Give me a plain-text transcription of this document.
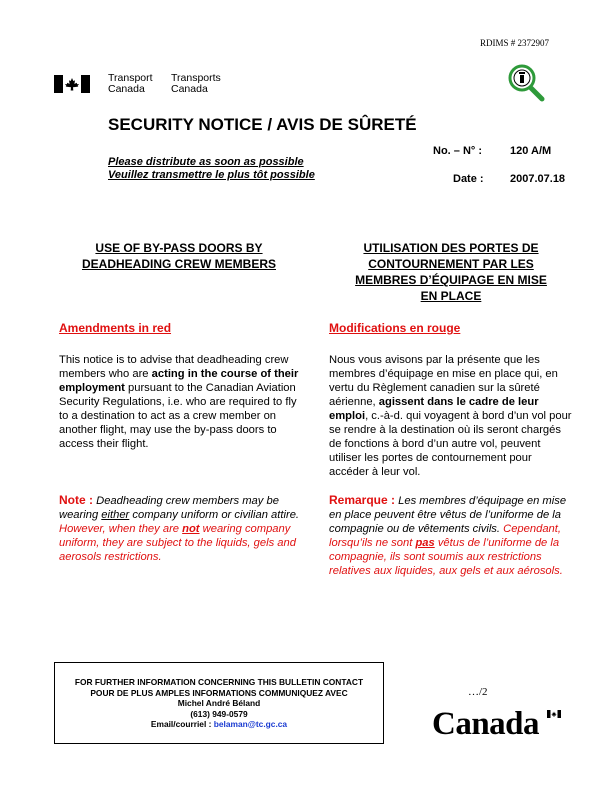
RDIMS # 2372907
Transport
Canada
Transports
Canada
SECURITY NOTICE / AVIS DE SÛRETÉ
No. – N° :	120 A/M
Date : 2007.07.18
Please distribute as soon as possible
Veuillez transmettre le plus tôt possible
USE OF BY-PASS DOORS BY
DEADHEADING CREW MEMBERS
Amendments in red
This notice is to advise that deadheading crew members who are acting in the course of their employment pursuant to the Canadian Aviation Security Regulations, i.e. who are required to fly to a destination to act as a crew member on another flight, may use the by-pass doors to access their flight.
Note : Deadheading crew members may be wearing either company uniform or civilian attire. However, when they are not wearing company uniform, they are subject to the liquids, gels and aerosols restrictions.
UTILISATION DES PORTES DE
CONTOURNEMENT PAR LES
MEMBRES D’ÉQUIPAGE EN MISE
EN PLACE
Modifications en rouge
Nous vous avisons par la présente que les membres d’équipage en mise en place qui, en vertu du Règlement canadien sur la sûreté aérienne, agissent dans le cadre de leur emploi, c.-à-d. qui voyagent à bord d’un vol pour se rendre à la destination où ils seront chargés de fonctions à bord d’un autre vol, peuvent utiliser les portes de contournement pour accéder à leur vol.
Remarque : Les membres d’équipage en mise en place peuvent être vêtus de l’uniforme de la compagnie ou de vêtements civils. Cependant, lorsqu’ils ne sont pas vêtus de l’uniforme de la compagnie, ils sont soumis aux restrictions relatives aux liquides, aux gels et aux aérosols.
FOR FURTHER INFORMATION CONCERNING THIS BULLETIN CONTACT
POUR DE PLUS AMPLES INFORMATIONS COMMUNIQUEZ AVEC
Michel André Béland
(613) 949-0579
Email/courriel : belaman@tc.gc.ca
…/2
Canada
